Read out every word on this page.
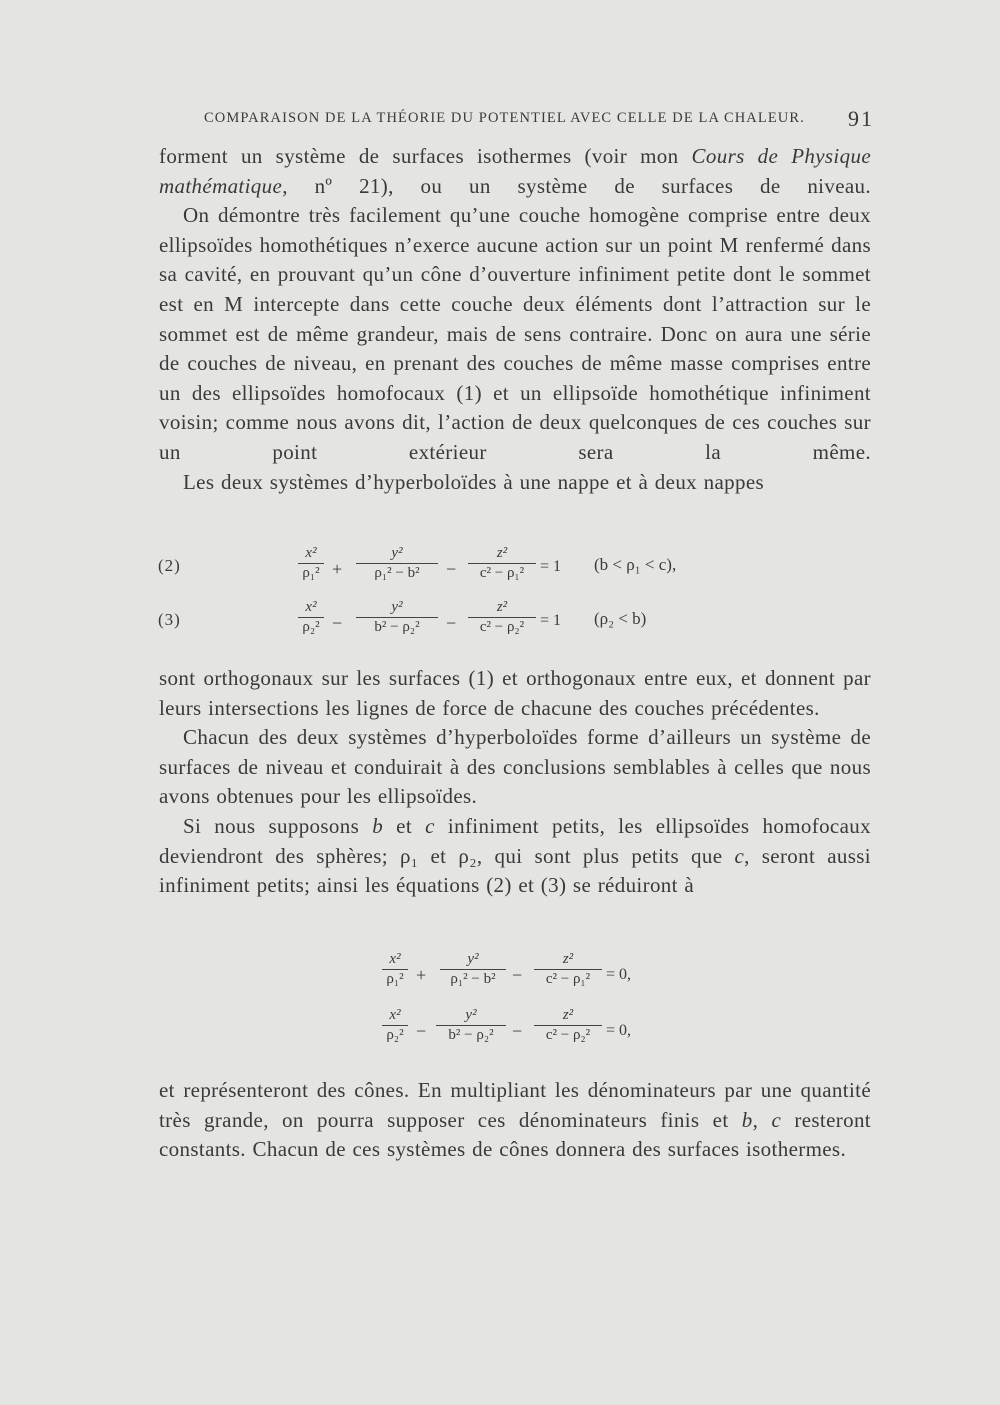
COMPARAISON DE LA THÉORIE DU POTENTIEL AVEC CELLE DE LA CHALEUR. 91

forment un système de surfaces isothermes (voir mon Cours de Physique mathématique, nº 21), ou un système de surfaces de niveau.

On démontre très facilement qu’une couche homogène comprise entre deux ellipsoïdes homothétiques n’exerce aucune action sur un point M renfermé dans sa cavité, en prouvant qu’un cône d’ouverture infiniment petite dont le sommet est en M intercepte dans cette couche deux éléments dont l’attraction sur le sommet est de même grandeur, mais de sens contraire. Donc on aura une série de couches de niveau, en prenant des couches de même masse comprises entre un des ellipsoïdes homofocaux (1) et un ellipsoïde homothétique infiniment voisin; comme nous avons dit, l’action de deux quelconques de ces couches sur un point extérieur sera la même.

Les deux systèmes d’hyperboloïdes à une nappe et à deux nappes

(2)
x²
ρ₁² +
y²
ρ₁² − b²	−
z²
c² − ρ₁² = 1 (b < ρ₁ < c),
(3)
x²
ρ₂² −
y²
b² − ρ₂²	−
z²
c² − ρ₂² = 1 (ρ₂ < b)

sont orthogonaux sur les surfaces (1) et orthogonaux entre eux, et donnent par leurs intersections les lignes de force de chacune des couches précédentes.

Chacun des deux systèmes d’hyperboloïdes forme d’ailleurs un système de surfaces de niveau et conduirait à des conclusions semblables à celles que nous avons obtenues pour les ellipsoïdes.

Si nous supposons b et c infiniment petits, les ellipsoïdes homofocaux deviendront des sphères; ρ₁ et ρ₂, qui sont plus petits que c, seront aussi infiniment petits; ainsi les équations (2) et (3) se réduiront à

x²
ρ₁² +
y²
ρ₁² − b² −
z²
c² − ρ₁² = 0,
x²
ρ₂² −
y²
b² − ρ₂²	−
z²
c² − ρ₂² = 0,

et représenteront des cônes. En multipliant les dénominateurs par une quantité très grande, on pourra supposer ces dénominateurs finis et b, c resteront constants. Chacun de ces systèmes de cônes donnera des surfaces isothermes.
